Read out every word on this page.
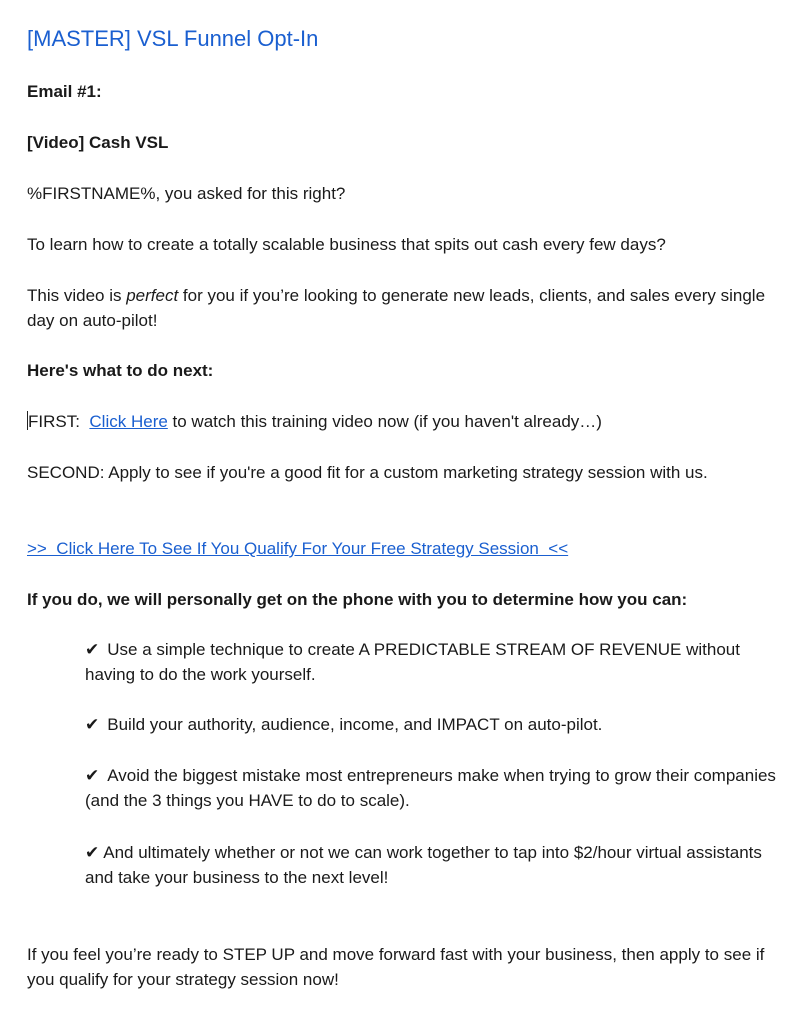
[MASTER] VSL Funnel Opt-In

Email #1:

[Video] Cash VSL

%FIRSTNAME%, you asked for this right?

To learn how to create a totally scalable business that spits out cash every few days?

This video is perfect for you if you’re looking to generate new leads, clients, and sales every single day on auto-pilot!

Here's what to do next:

FIRST:  Click Here to watch this training video now (if you haven't already…)

SECOND: Apply to see if you're a good fit for a custom marketing strategy session with us.

>>  Click Here To See If You Qualify For Your Free Strategy Session  <<

If you do, we will personally get on the phone with you to determine how you can:

✔ Use a simple technique to create A PREDICTABLE STREAM OF REVENUE without having to do the work yourself.

✔ Build your authority, audience, income, and IMPACT on auto-pilot.

✔ Avoid the biggest mistake most entrepreneurs make when trying to grow their companies (and the 3 things you HAVE to do to scale).

✔ And ultimately whether or not we can work together to tap into $2/hour virtual assistants and take your business to the next level!

If you feel you’re ready to STEP UP and move forward fast with your business, then apply to see if you qualify for your strategy session now!
